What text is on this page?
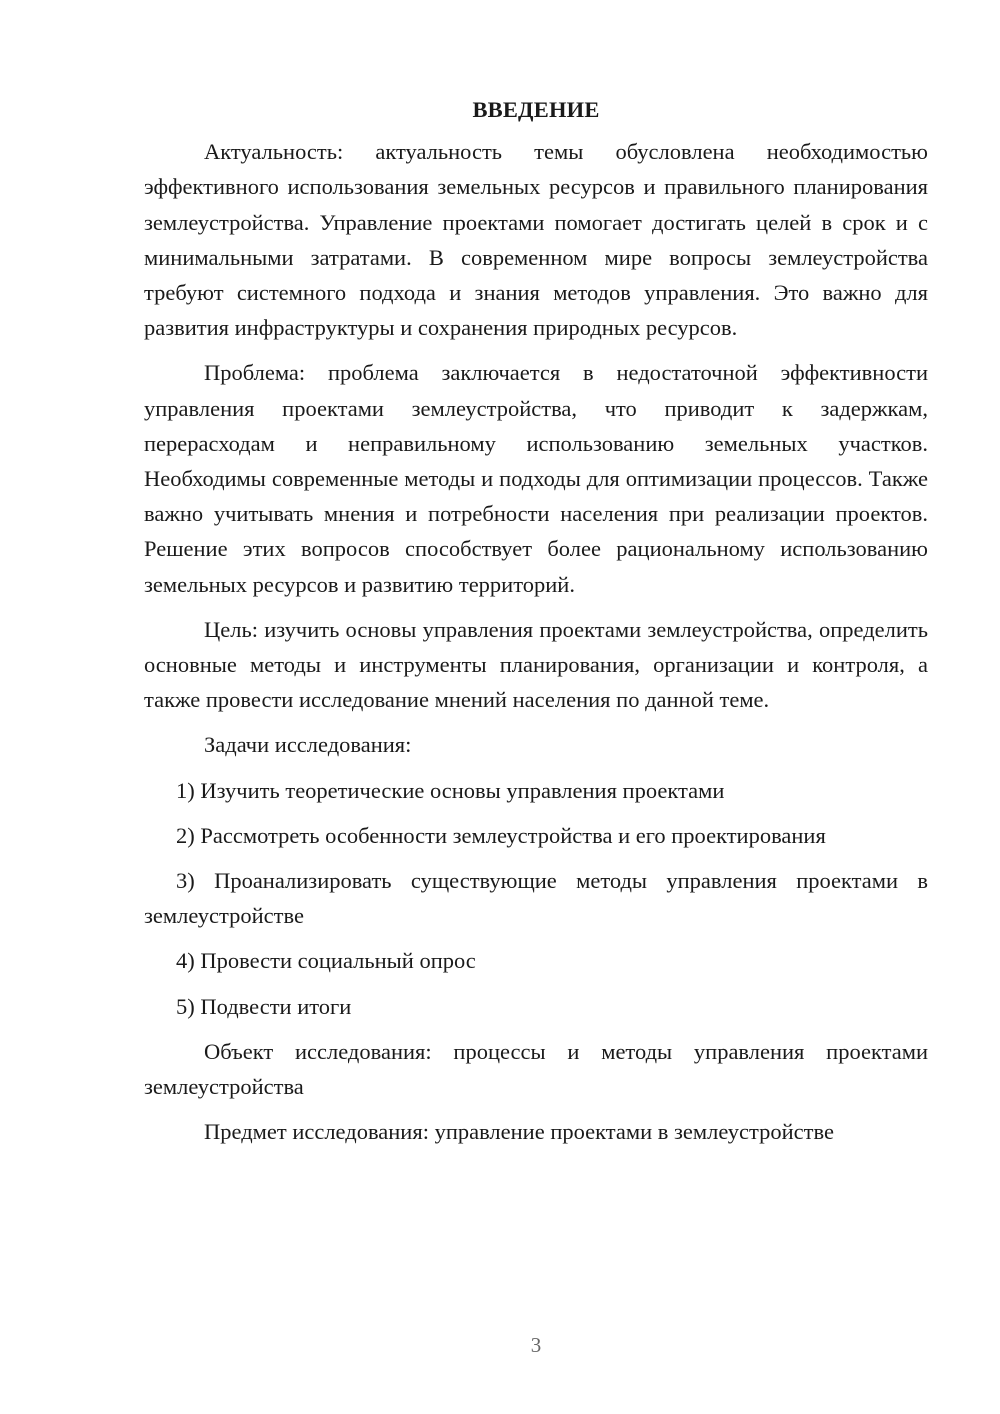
ВВЕДЕНИЕ

Актуальность: актуальность темы обусловлена необходимостью эффективного использования земельных ресурсов и правильного планирования землеустройства. Управление проектами помогает достигать целей в срок и с минимальными затратами. В современном мире вопросы землеустройства требуют системного подхода и знания методов управления. Это важно для развития инфраструктуры и сохранения природных ресурсов.

Проблема: проблема заключается в недостаточной эффективности управления проектами землеустройства, что приводит к задержкам, перерасходам и неправильному использованию земельных участков. Необходимы современные методы и подходы для оптимизации процессов. Также важно учитывать мнения и потребности населения при реализации проектов. Решение этих вопросов способствует более рациональному использованию земельных ресурсов и развитию территорий.

Цель: изучить основы управления проектами землеустройства, определить основные методы и инструменты планирования, организации и контроля, а также провести исследование мнений населения по данной теме.

Задачи исследования:

1) Изучить теоретические основы управления проектами

2) Рассмотреть особенности землеустройства и его проектирования

3) Проанализировать существующие методы управления проектами в землеустройстве

4) Провести социальный опрос

5) Подвести итоги

Объект исследования: процессы и методы управления проектами землеустройства

Предмет исследования: управление проектами в землеустройстве

3
